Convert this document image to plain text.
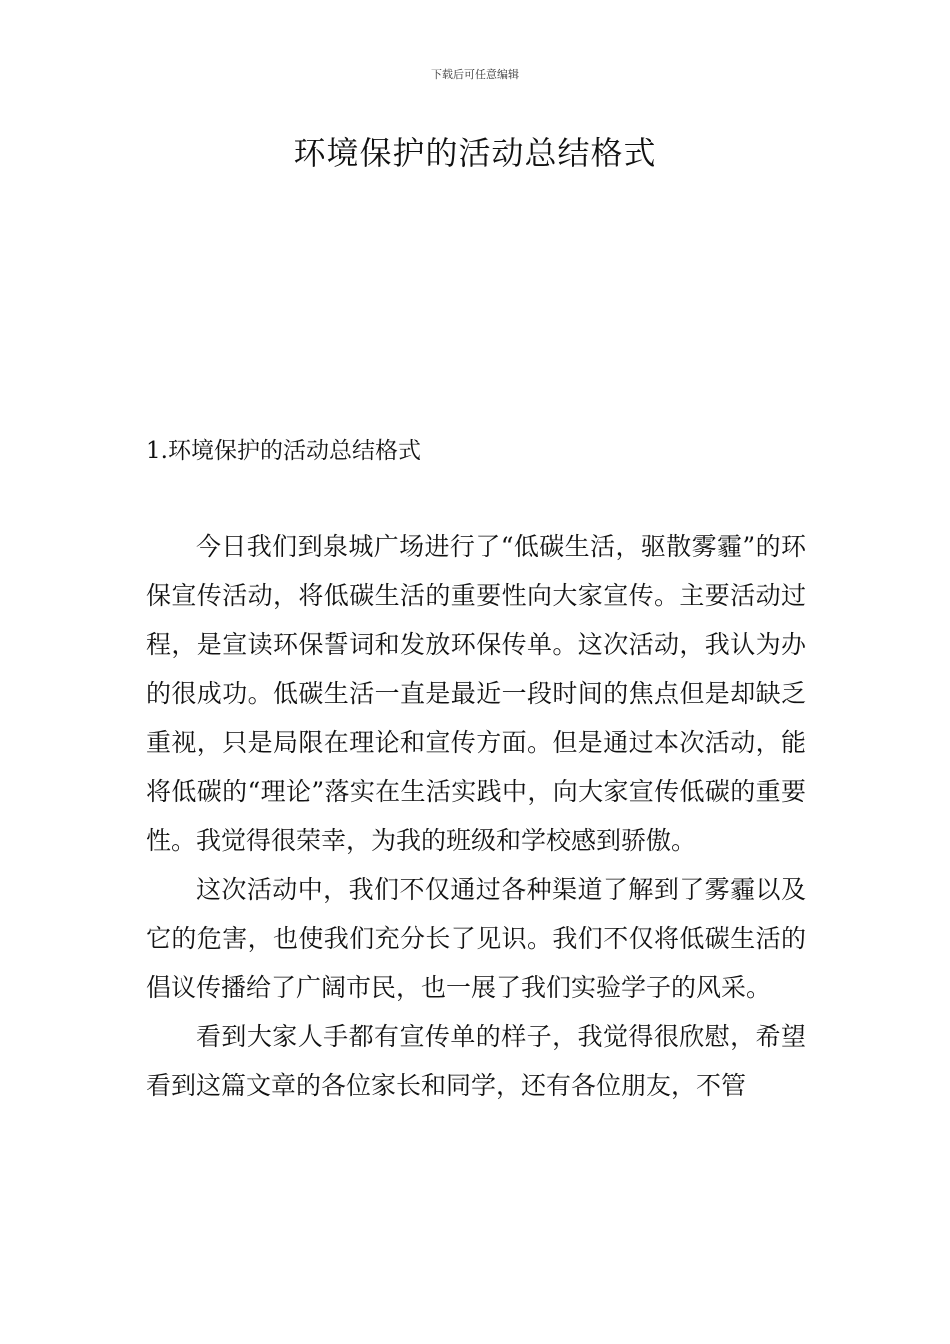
下载后可任意编辑
环境保护的活动总结格式
1.环境保护的活动总结格式

今日我们到泉城广场进行了“低碳生活，驱散雾霾”的环保宣传活动，将低碳生活的重要性向大家宣传。主要活动过程，是宣读环保誓词和发放环保传单。这次活动，我认为办的很成功。低碳生活一直是最近一段时间的焦点但是却缺乏重视，只是局限在理论和宣传方面。但是通过本次活动，能将低碳的“理论”落实在生活实践中，向大家宣传低碳的重要性。我觉得很荣幸，为我的班级和学校感到骄傲。

这次活动中，我们不仅通过各种渠道了解到了雾霾以及它的危害，也使我们充分长了见识。我们不仅将低碳生活的倡议传播给了广阔市民，也一展了我们实验学子的风采。

看到大家人手都有宣传单的样子，我觉得很欣慰，希望看到这篇文章的各位家长和同学，还有各位朋友，不管
